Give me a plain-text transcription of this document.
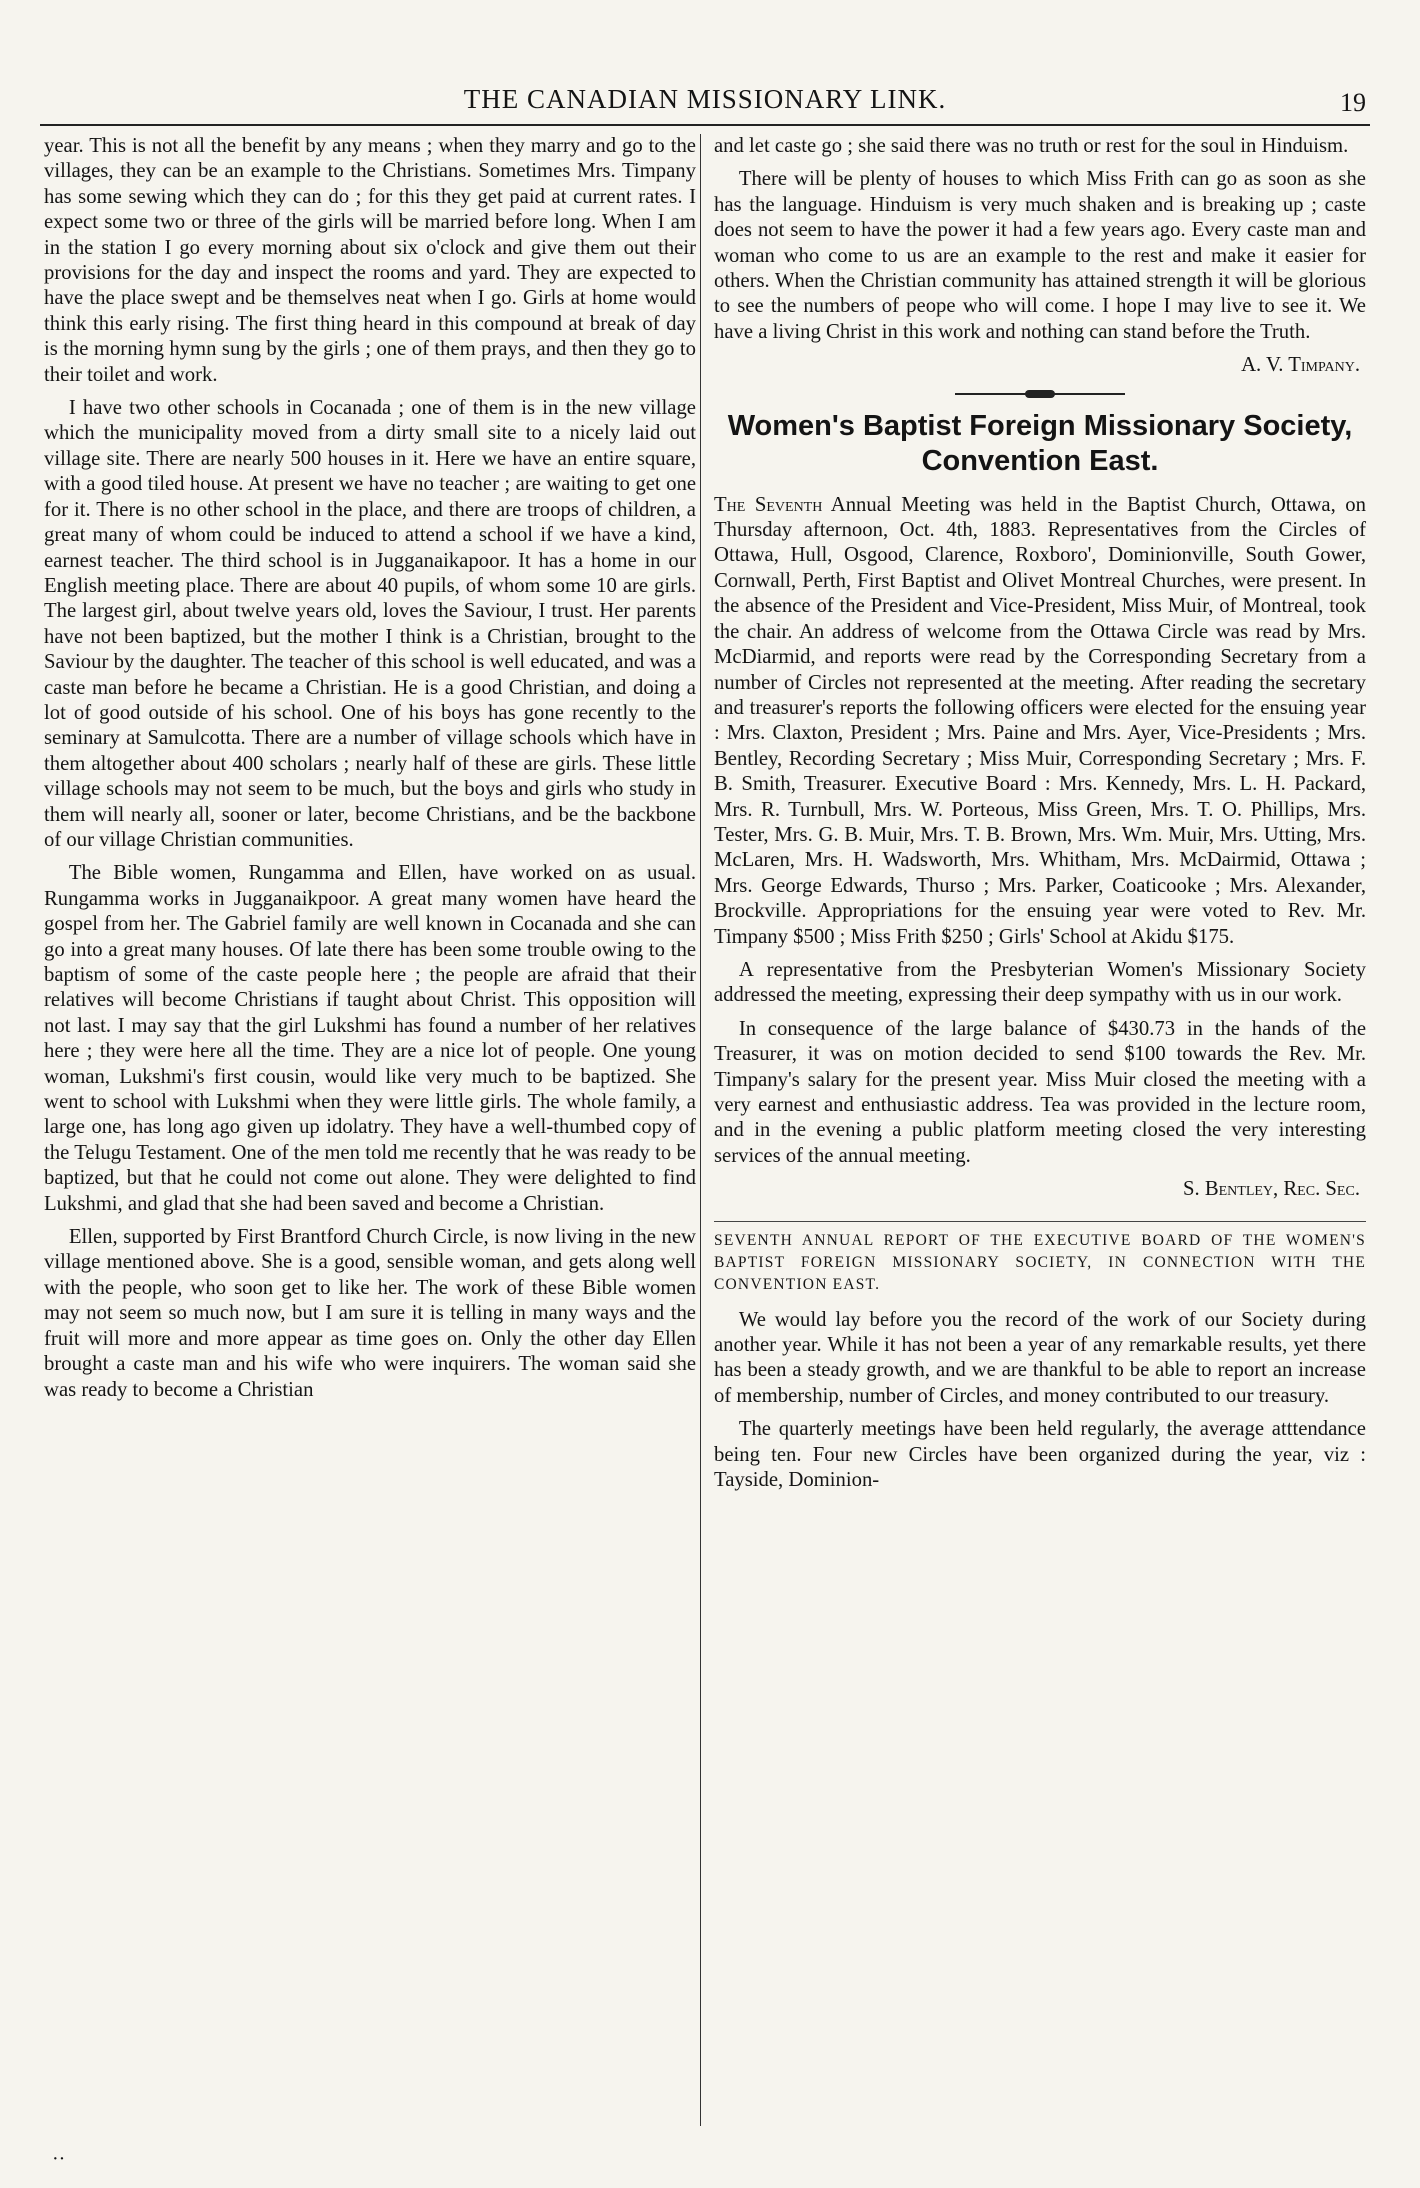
THE CANADIAN MISSIONARY LINK.	19

year. This is not all the benefit by any means ; when they marry and go to the villages, they can be an example to the Christians. Sometimes Mrs. Timpany has some sewing which they can do ; for this they get paid at current rates. I expect some two or three of the girls will be married before long. When I am in the station I go every morning about six o'clock and give them out their provisions for the day and inspect the rooms and yard. They are expected to have the place swept and be themselves neat when I go. Girls at home would think this early rising. The first thing heard in this compound at break of day is the morning hymn sung by the girls ; one of them prays, and then they go to their toilet and work.

I have two other schools in Cocanada ; one of them is in the new village which the municipality moved from a dirty small site to a nicely laid out village site. There are nearly 500 houses in it. Here we have an entire square, with a good tiled house. At present we have no teacher ; are waiting to get one for it. There is no other school in the place, and there are troops of children, a great many of whom could be induced to attend a school if we have a kind, earnest teacher. The third school is in Jugganaikapoor. It has a home in our English meeting place. There are about 40 pupils, of whom some 10 are girls. The largest girl, about twelve years old, loves the Saviour, I trust. Her parents have not been baptized, but the mother I think is a Christian, brought to the Saviour by the daughter. The teacher of this school is well educated, and was a caste man before he became a Christian. He is a good Christian, and doing a lot of good outside of his school. One of his boys has gone recently to the seminary at Samulcotta. There are a number of village schools which have in them altogether about 400 scholars ; nearly half of these are girls. These little village schools may not seem to be much, but the boys and girls who study in them will nearly all, sooner or later, become Christians, and be the backbone of our village Christian communities.

The Bible women, Rungamma and Ellen, have worked on as usual. Rungamma works in Jugganaikpoor. A great many women have heard the gospel from her. The Gabriel family are well known in Cocanada and she can go into a great many houses. Of late there has been some trouble owing to the baptism of some of the caste people here ; the people are afraid that their relatives will become Christians if taught about Christ. This opposition will not last. I may say that the girl Lukshmi has found a number of her relatives here ; they were here all the time. They are a nice lot of people. One young woman, Lukshmi's first cousin, would like very much to be baptized. She went to school with Lukshmi when they were little girls. The whole family, a large one, has long ago given up idolatry. They have a well-thumbed copy of the Telugu Testament. One of the men told me recently that he was ready to be baptized, but that he could not come out alone. They were delighted to find Lukshmi, and glad that she had been saved and become a Christian.

Ellen, supported by First Brantford Church Circle, is now living in the new village mentioned above. She is a good, sensible woman, and gets along well with the people, who soon get to like her. The work of these Bible women may not seem so much now, but I am sure it is telling in many ways and the fruit will more and more appear as time goes on. Only the other day Ellen brought a caste man and his wife who were inquirers. The woman said she was ready to become a Christian

and let caste go ; she said there was no truth or rest for the soul in Hinduism.

There will be plenty of houses to which Miss Frith can go as soon as she has the language. Hinduism is very much shaken and is breaking up ; caste does not seem to have the power it had a few years ago. Every caste man and woman who come to us are an example to the rest and make it easier for others. When the Christian community has attained strength it will be glorious to see the numbers of peope who will come. I hope I may live to see it. We have a living Christ in this work and nothing can stand before the Truth.

A. V. Timpany.
Women's Baptist Foreign Missionary Society, Convention East.

The Seventh Annual Meeting was held in the Baptist Church, Ottawa, on Thursday afternoon, Oct. 4th, 1883. Representatives from the Circles of Ottawa, Hull, Osgood, Clarence, Roxboro', Dominionville, South Gower, Cornwall, Perth, First Baptist and Olivet Montreal Churches, were present. In the absence of the President and Vice-President, Miss Muir, of Montreal, took the chair. An address of welcome from the Ottawa Circle was read by Mrs. McDiarmid, and reports were read by the Corresponding Secretary from a number of Circles not represented at the meeting. After reading the secretary and treasurer's reports the following officers were elected for the ensuing year : Mrs. Claxton, President ; Mrs. Paine and Mrs. Ayer, Vice-Presidents ; Mrs. Bentley, Recording Secretary ; Miss Muir, Corresponding Secretary ; Mrs. F. B. Smith, Treasurer. Executive Board : Mrs. Kennedy, Mrs. L. H. Packard, Mrs. R. Turnbull, Mrs. W. Porteous, Miss Green, Mrs. T. O. Phillips, Mrs. Tester, Mrs. G. B. Muir, Mrs. T. B. Brown, Mrs. Wm. Muir, Mrs. Utting, Mrs. McLaren, Mrs. H. Wadsworth, Mrs. Whitham, Mrs. McDairmid, Ottawa ; Mrs. George Edwards, Thurso ; Mrs. Parker, Coaticooke ; Mrs. Alexander, Brockville. Appropriations for the ensuing year were voted to Rev. Mr. Timpany $500 ; Miss Frith $250 ; Girls' School at Akidu $175.

A representative from the Presbyterian Women's Missionary Society addressed the meeting, expressing their deep sympathy with us in our work.

In consequence of the large balance of $430.73 in the hands of the Treasurer, it was on motion decided to send $100 towards the Rev. Mr. Timpany's salary for the present year. Miss Muir closed the meeting with a very earnest and enthusiastic address. Tea was provided in the lecture room, and in the evening a public platform meeting closed the very interesting services of the annual meeting.

S. Bentley, Rec. Sec.
SEVENTH ANNUAL REPORT OF THE EXECUTIVE BOARD OF THE WOMEN'S BAPTIST FOREIGN MISSIONARY SOCIETY, IN CONNECTION WITH THE CONVENTION EAST.

We would lay before you the record of the work of our Society during another year. While it has not been a year of any remarkable results, yet there has been a steady growth, and we are thankful to be able to report an increase of membership, number of Circles, and money contributed to our treasury.

The quarterly meetings have been held regularly, the average atttendance being ten. Four new Circles have been organized during the year, viz : Tayside, Dominion-

··
